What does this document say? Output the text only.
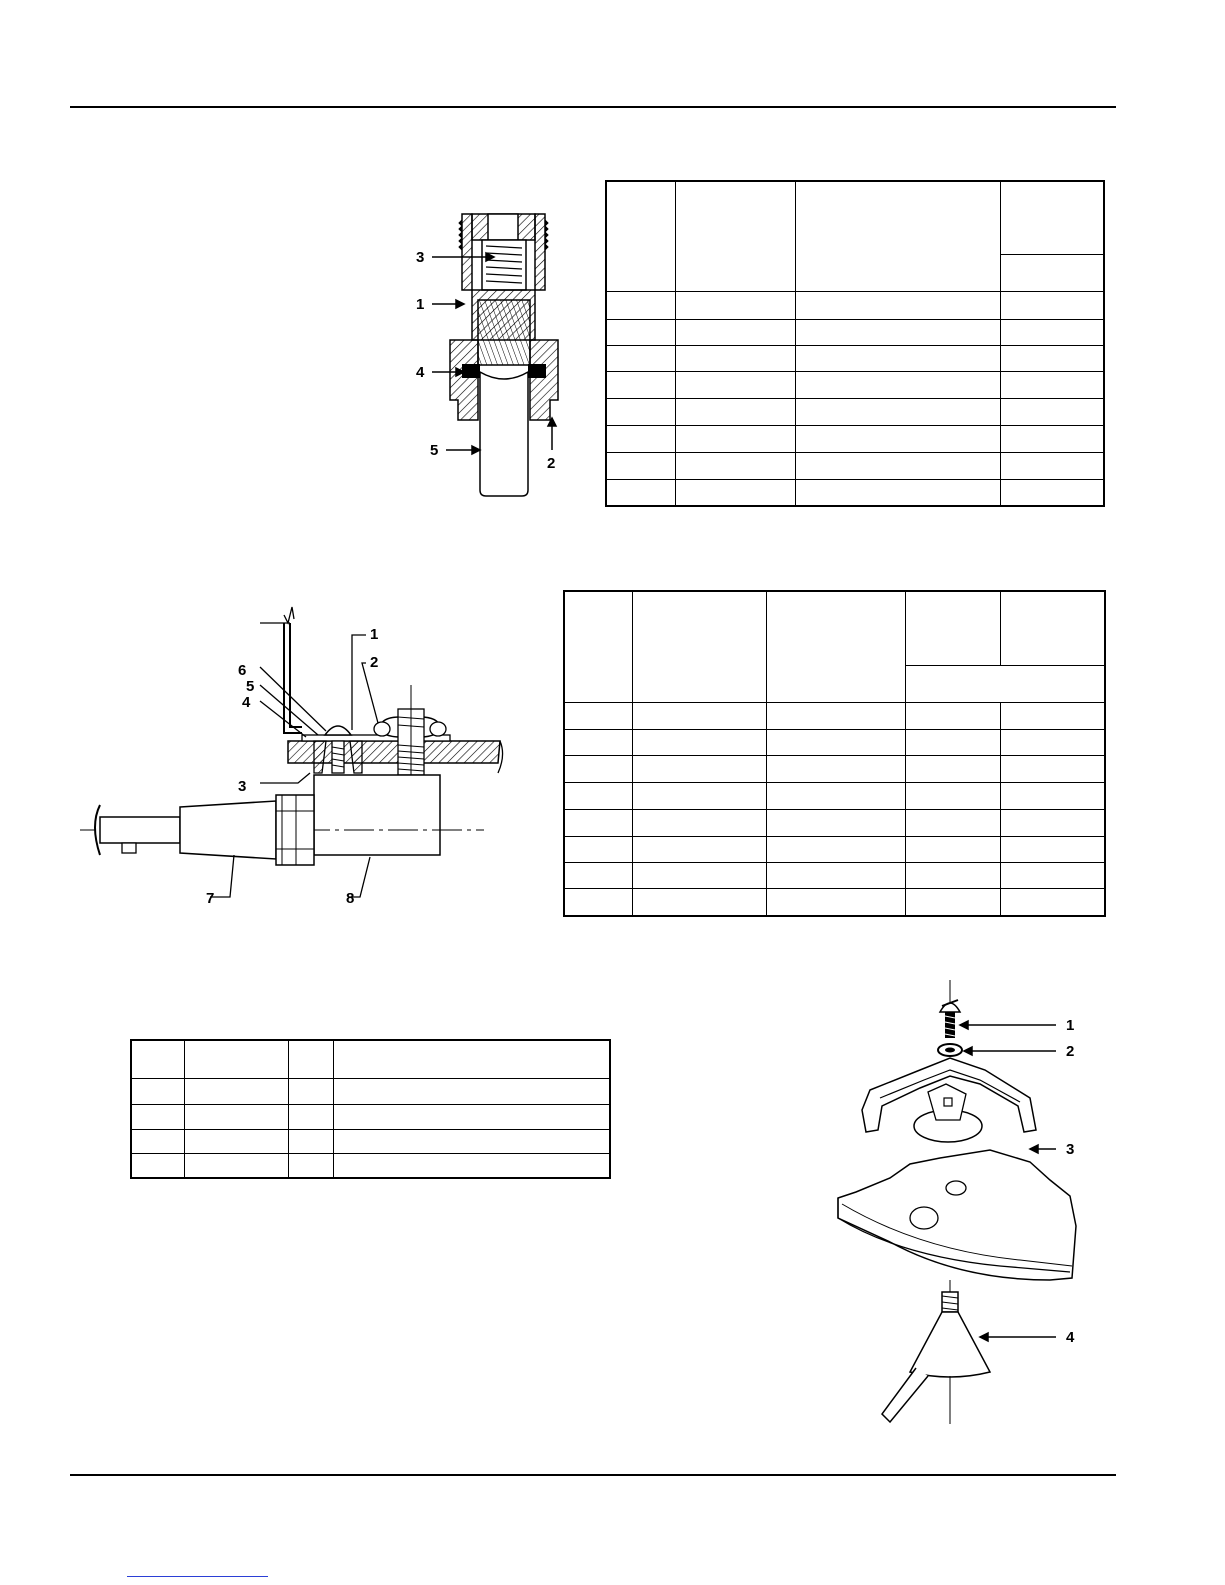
3
1
4
5
2

1
2
6
5
4
3
7	8

1
2
3
4
